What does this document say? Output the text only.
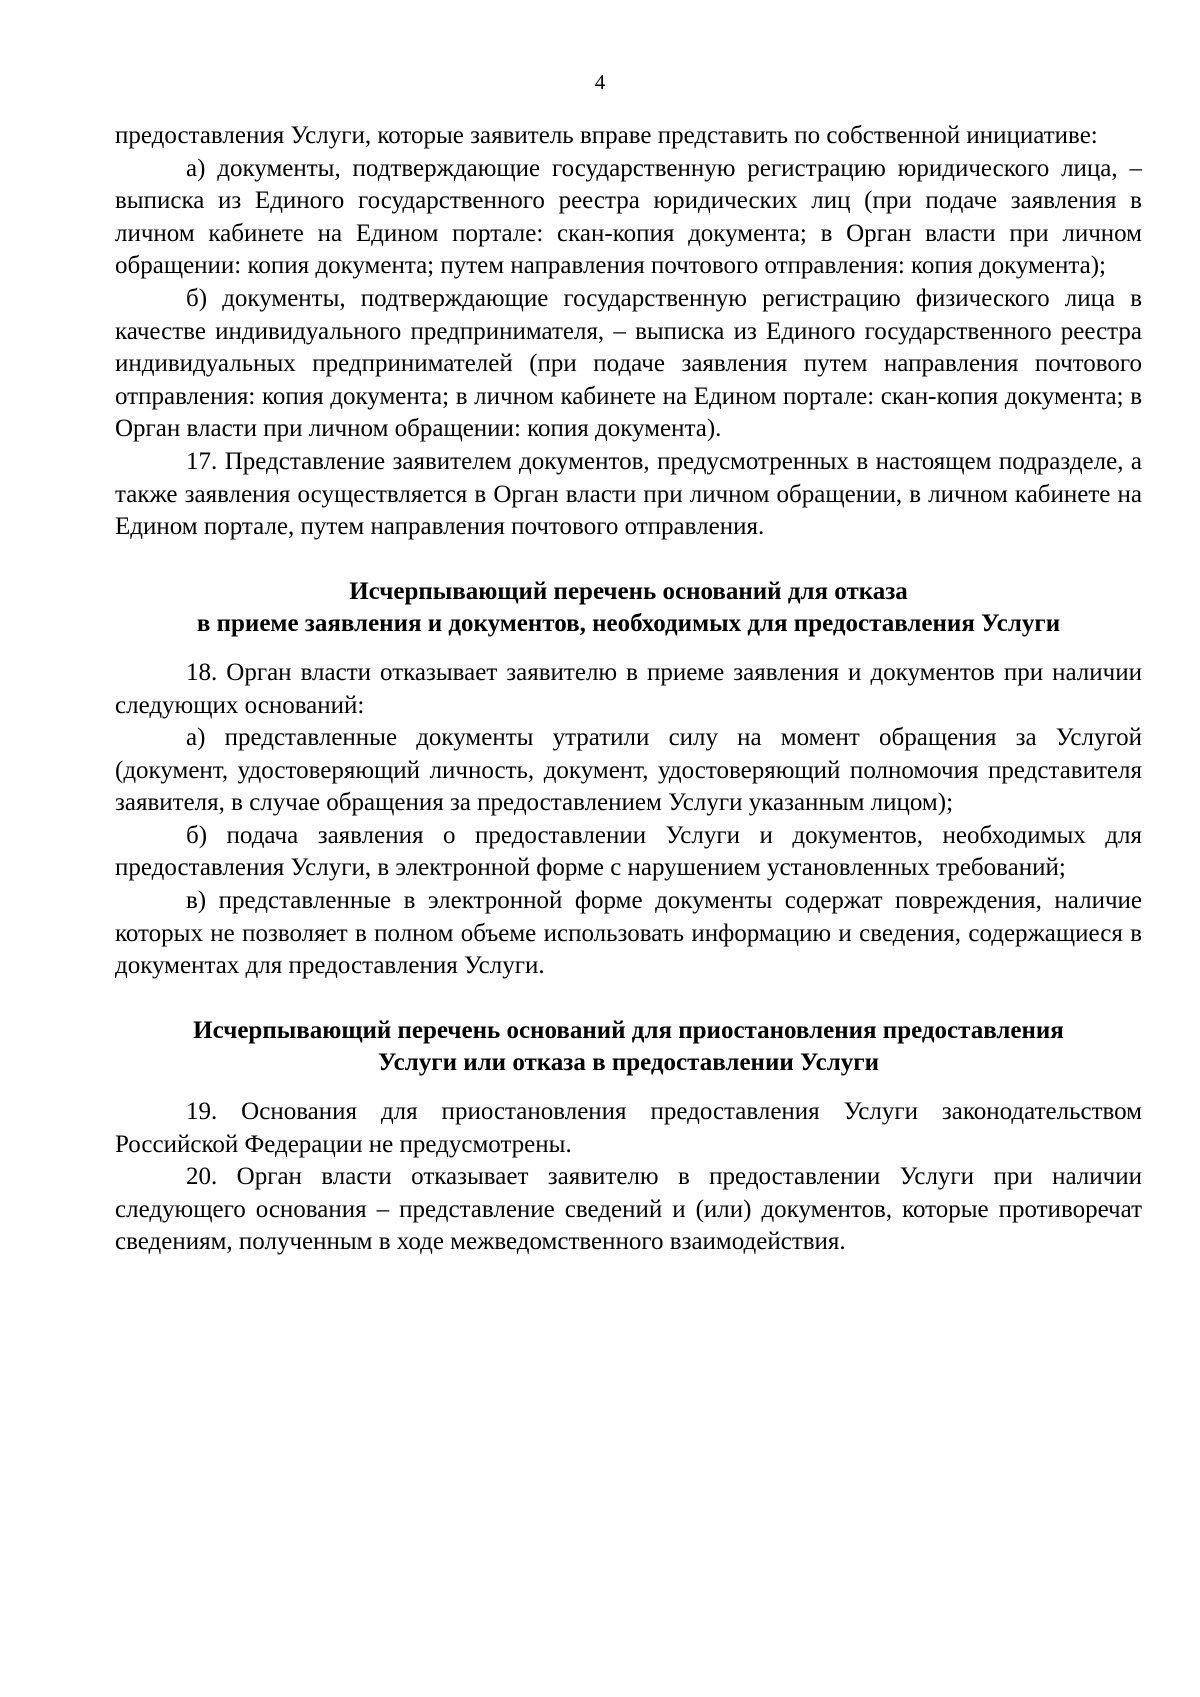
4

предоставления Услуги, которые заявитель вправе представить по собственной инициативе:

а) документы, подтверждающие государственную регистрацию юридического лица, – выписка из Единого государственного реестра юридических лиц (при подаче заявления в личном кабинете на Едином портале: скан-копия документа; в Орган власти при личном обращении: копия документа; путем направления почтового отправления: копия документа);

б) документы, подтверждающие государственную регистрацию физического лица в качестве индивидуального предпринимателя, – выписка из Единого государственного реестра индивидуальных предпринимателей (при подаче заявления путем направления почтового отправления: копия документа; в личном кабинете на Едином портале: скан-копия документа; в Орган власти при личном обращении: копия документа).

17. Представление заявителем документов, предусмотренных в настоящем подразделе, а также заявления осуществляется в Орган власти при личном обращении, в личном кабинете на Едином портале, путем направления почтового отправления.

Исчерпывающий перечень оснований для отказа

в приеме заявления и документов, необходимых для предоставления Услуги

18. Орган власти отказывает заявителю в приеме заявления и документов при наличии следующих оснований:

а) представленные документы утратили силу на момент обращения за Услугой (документ, удостоверяющий личность, документ, удостоверяющий полномочия представителя заявителя, в случае обращения за предоставлением Услуги указанным лицом);

б) подача заявления о предоставлении Услуги и документов, необходимых для предоставления Услуги, в электронной форме с нарушением установленных требований;

в) представленные в электронной форме документы содержат повреждения, наличие которых не позволяет в полном объеме использовать информацию и сведения, содержащиеся в документах для предоставления Услуги.

Исчерпывающий перечень оснований для приостановления предоставления

Услуги или отказа в предоставлении Услуги

19. Основания для приостановления предоставления Услуги законодательством Российской Федерации не предусмотрены.

20. Орган власти отказывает заявителю в предоставлении Услуги при наличии следующего основания – представление сведений и (или) документов, которые противоречат сведениям, полученным в ходе межведомственного взаимодействия.
